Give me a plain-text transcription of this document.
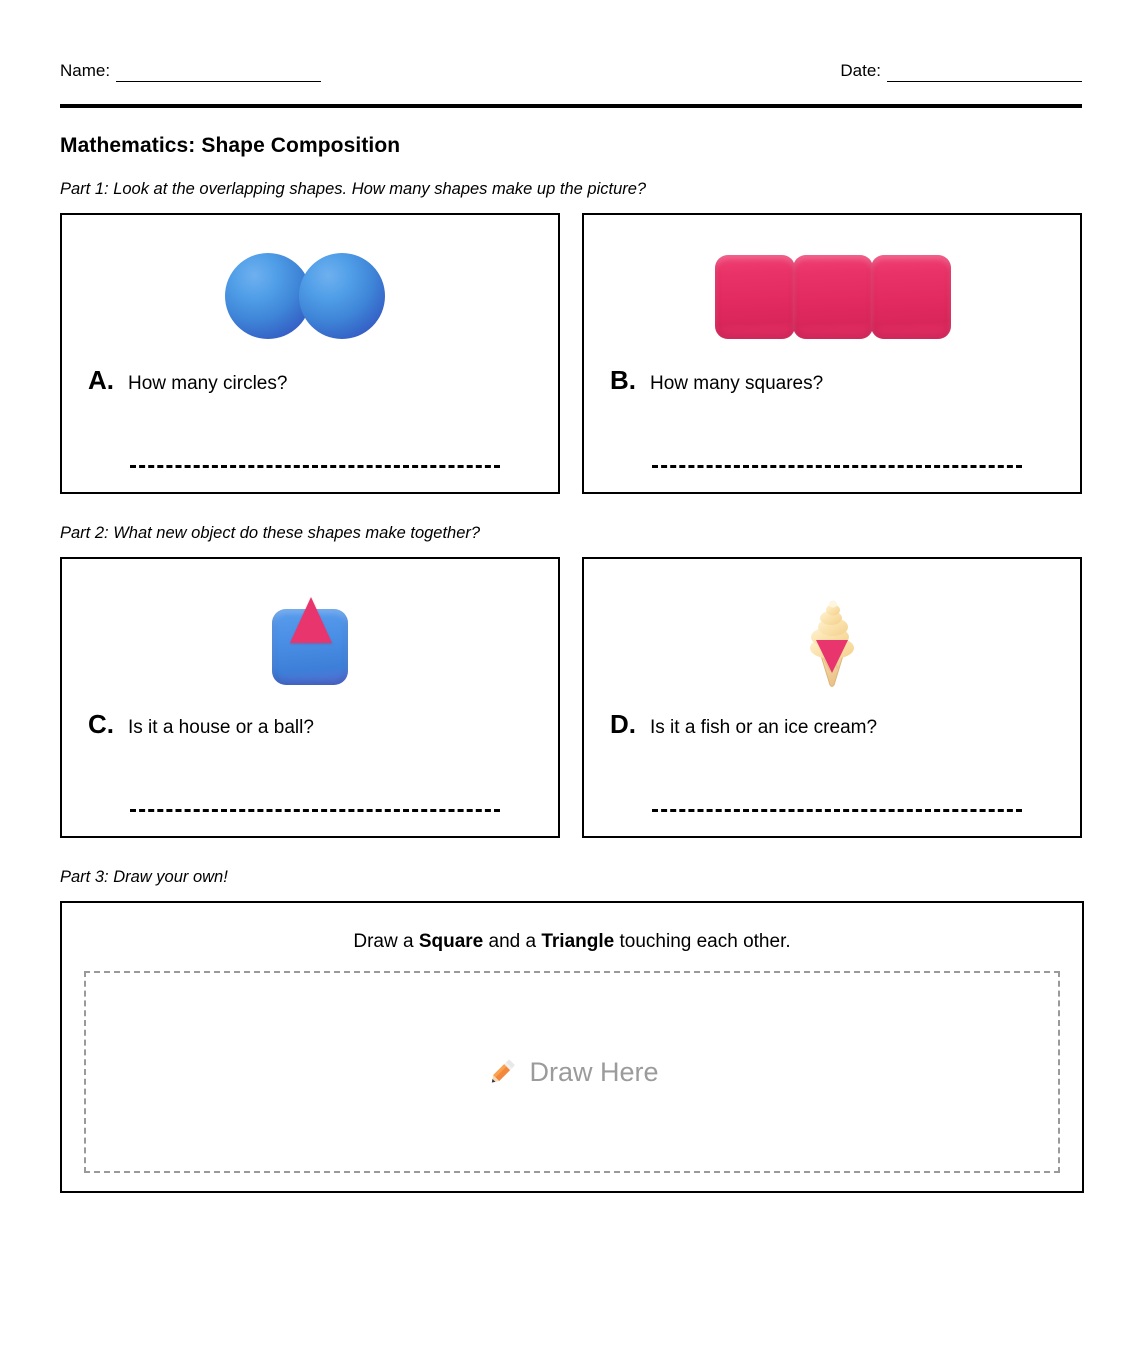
Name:	Date:
Mathematics: Shape Composition

Part 1: Look at the overlapping shapes. How many shapes make up the picture?

A. How many circles?	B. How many squares?

Part 2: What new object do these shapes make together?

C. Is it a house or a ball?	D. Is it a fish or an ice cream?

Part 3: Draw your own!

Draw a Square and a Triangle touching each other.
Draw Here
